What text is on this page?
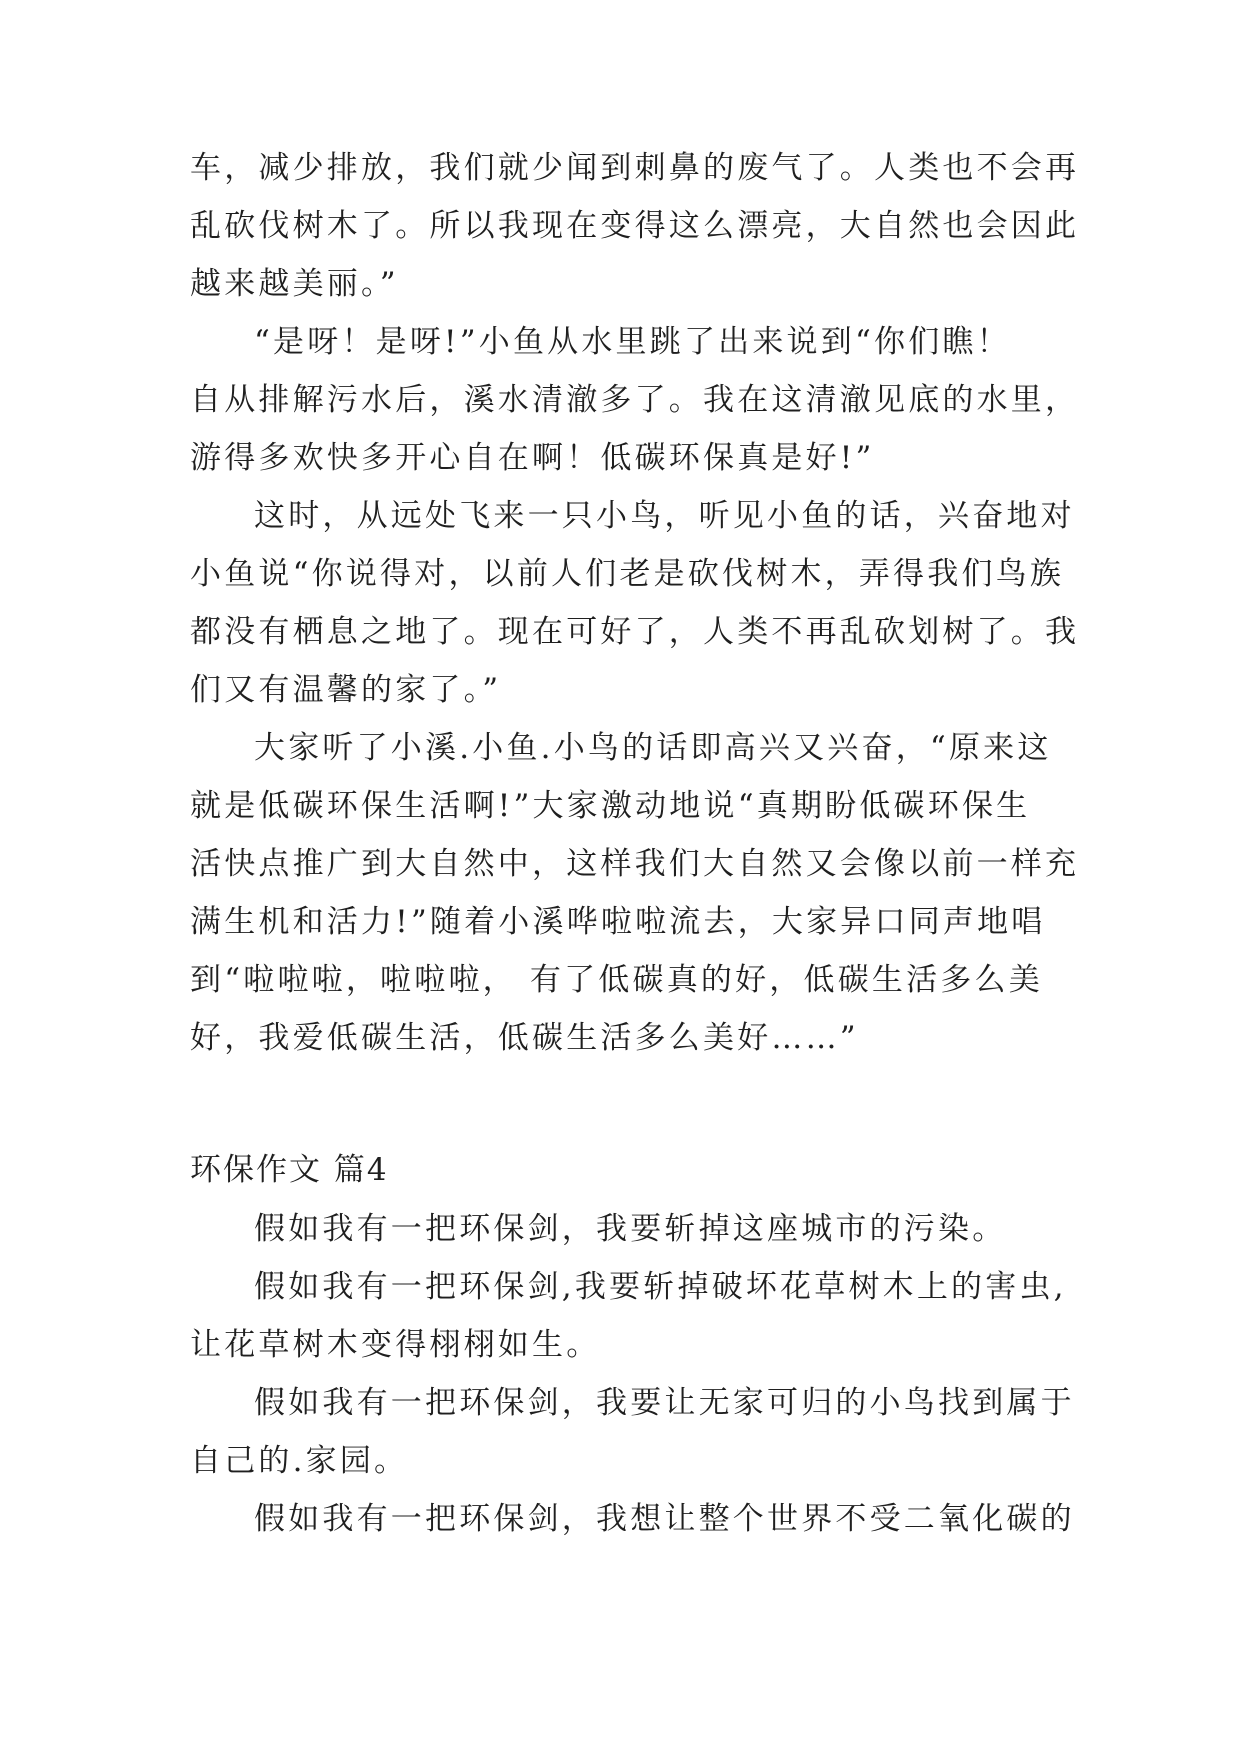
车，减少排放，我们就少闻到刺鼻的废气了。人类也不会再
乱砍伐树木了。所以我现在变得这么漂亮，大自然也会因此
越来越美丽。”
“是呀！是呀!”小鱼从水里跳了出来说到“你们瞧！
自从排解污水后，溪水清澈多了。我在这清澈见底的水里，
游得多欢快多开心自在啊！低碳环保真是好!”
这时，从远处飞来一只小鸟，听见小鱼的话，兴奋地对
小鱼说“你说得对，以前人们老是砍伐树木，弄得我们鸟族
都没有栖息之地了。现在可好了，人类不再乱砍划树了。我
们又有温馨的家了。”
大家听了小溪.小鱼.小鸟的话即高兴又兴奋，“原来这
就是低碳环保生活啊!”大家激动地说“真期盼低碳环保生
活快点推广到大自然中，这样我们大自然又会像以前一样充
满生机和活力!”随着小溪哗啦啦流去，大家异口同声地唱
到“啦啦啦，啦啦啦， 有了低碳真的好，低碳生活多么美
好，我爱低碳生活，低碳生活多么美好……”
环保作文 篇4
假如我有一把环保剑，我要斩掉这座城市的污染。
假如我有一把环保剑,我要斩掉破坏花草树木上的害虫,
让花草树木变得栩栩如生。
假如我有一把环保剑，我要让无家可归的小鸟找到属于
自己的.家园。
假如我有一把环保剑，我想让整个世界不受二氧化碳的
